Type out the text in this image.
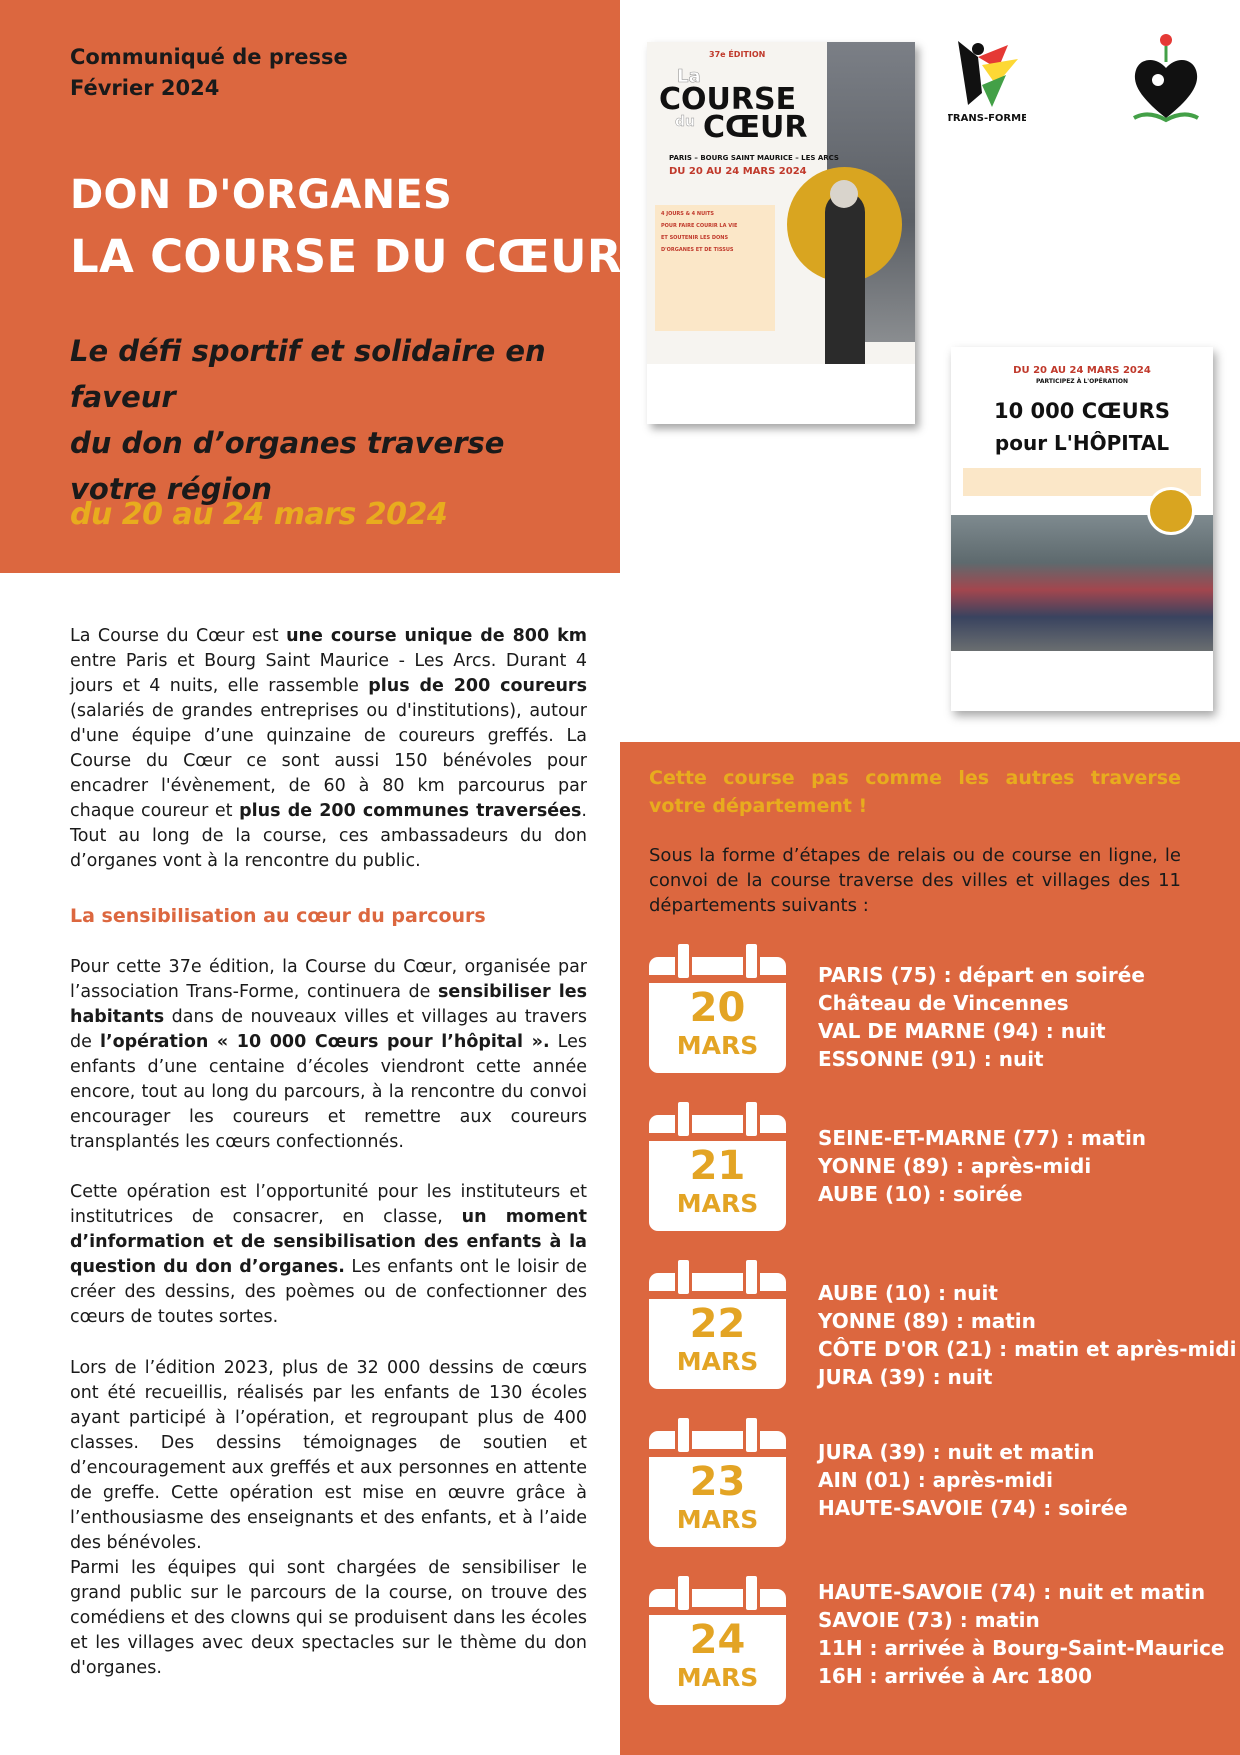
Communiqué de presse
Février 2024
DON D'ORGANES
LA COURSE DU CŒUR
Le défi sportif et solidaire en faveur
du don d’organes traverse
votre région
du 20 au 24 mars 2024
37e ÉDITION
La
COURSE
du CŒUR
PARIS – BOURG SAINT MAURICE – LES ARCS
DU 20 AU 24 MARS 2024
4 JOURS & 4 NUITS
POUR FAIRE COURIR LA VIE
ET SOUTENIR LES DONS
D'ORGANES ET DE TISSUS
TRANS-FORME
DU 20 AU 24 MARS 2024
PARTICIPEZ À L'OPÉRATION
10 000 CŒURS
pour L'HÔPITAL
La Course du Cœur est une course unique de 800 km entre Paris et Bourg Saint Maurice - Les Arcs. Durant 4 jours et 4 nuits, elle rassemble plus de 200 coureurs (salariés de grandes entreprises ou d'institutions), autour d'une équipe d’une quinzaine de coureurs greffés. La Course du Cœur ce sont aussi 150 bénévoles pour encadrer l'évènement, de 60 à 80 km parcourus par chaque coureur et plus de 200 communes traversées. Tout au long de la course, ces ambassadeurs du don d’organes vont à la rencontre du public.
La sensibilisation au cœur du parcours
Pour cette 37e édition, la Course du Cœur, organisée par l’association Trans-Forme, continuera de sensibiliser les habitants dans de nouveaux villes et villages au travers de l’opération « 10 000 Cœurs pour l’hôpital ». Les enfants d’une centaine d’écoles viendront cette année encore, tout au long du parcours, à la rencontre du convoi encourager les coureurs et remettre aux coureurs transplantés les cœurs confectionnés.
Cette opération est l’opportunité pour les instituteurs et institutrices de consacrer, en classe, un moment d’information et de sensibilisation des enfants à la question du don d’organes. Les enfants ont le loisir de créer des dessins, des poèmes ou de confectionner des cœurs de toutes sortes.
Lors de l’édition 2023, plus de 32 000 dessins de cœurs ont été recueillis, réalisés par les enfants de 130 écoles ayant participé à l’opération, et regroupant plus de 400 classes. Des dessins témoignages de soutien et d’encouragement aux greffés et aux personnes en attente de greffe. Cette opération est mise en œuvre grâce à l’enthousiasme des enseignants et des enfants, et à l’aide des bénévoles.
Parmi les équipes qui sont chargées de sensibiliser le grand public sur le parcours de la course, on trouve des comédiens et des clowns qui se produisent dans les écoles et les villages avec deux spectacles sur le thème du don d'organes.
Cette course pas comme les autres traverse votre département !
Sous la forme d’étapes de relais ou de course en ligne, le convoi de la course traverse des villes et villages des 11 départements suivants :
20
MARS
PARIS (75) : départ en soirée
Château de Vincennes
VAL DE MARNE (94) : nuit
ESSONNE (91) : nuit
21
MARS
SEINE-ET-MARNE (77) : matin
YONNE (89) : après-midi
AUBE (10) : soirée
22
MARS
AUBE (10) : nuit
YONNE (89) : matin
CÔTE D'OR (21) : matin et après-midi
JURA (39) : nuit
23
MARS
JURA (39) : nuit et matin
AIN (01) : après-midi
HAUTE-SAVOIE (74) : soirée
24
MARS
HAUTE-SAVOIE (74) : nuit et matin
SAVOIE (73) : matin
11H : arrivée à Bourg-Saint-Maurice
16H : arrivée à Arc 1800
